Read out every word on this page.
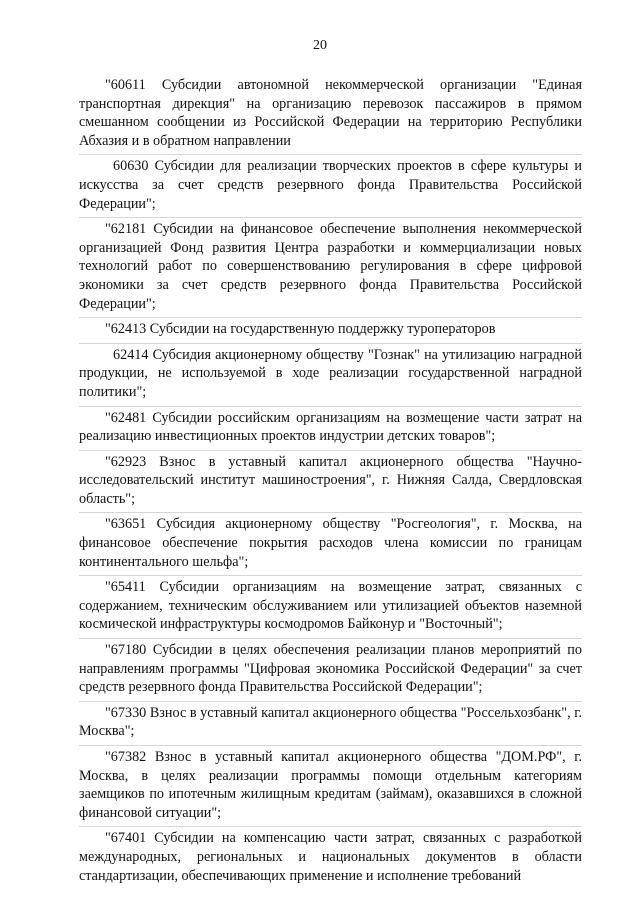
20

"60611 Субсидии автономной некоммерческой организации "Единая транспортная дирекция" на организацию перевозок пассажиров в прямом смешанном сообщении из Российской Федерации на территорию Республики Абхазия и в обратном направлении

60630 Субсидии для реализации творческих проектов в сфере культуры и искусства за счет средств резервного фонда Правительства Российской Федерации";

"62181 Субсидии на финансовое обеспечение выполнения некоммерческой организацией Фонд развития Центра разработки и коммерциализации новых технологий работ по совершенствованию регулирования в сфере цифровой экономики за счет средств резервного фонда Правительства Российской Федерации";

"62413 Субсидии на государственную поддержку туроператоров

62414 Субсидия акционерному обществу "Гознак" на утилизацию наградной продукции, не используемой в ходе реализации государственной наградной политики";

"62481 Субсидии российским организациям на возмещение части затрат на реализацию инвестиционных проектов индустрии детских товаров";

"62923 Взнос в уставный капитал акционерного общества "Научно-исследовательский институт машиностроения", г. Нижняя Салда, Свердловская область";

"63651 Субсидия акционерному обществу "Росгеология", г. Москва, на финансовое обеспечение покрытия расходов члена комиссии по границам континентального шельфа";

"65411 Субсидии организациям на возмещение затрат, связанных с содержанием, техническим обслуживанием или утилизацией объектов наземной космической инфраструктуры космодромов Байконур и "Восточный";

"67180 Субсидии в целях обеспечения реализации планов мероприятий по направлениям программы "Цифровая экономика Российской Федерации" за счет средств резервного фонда Правительства Российской Федерации";

"67330 Взнос в уставный капитал акционерного общества "Россельхозбанк", г. Москва";

"67382 Взнос в уставный капитал акционерного общества "ДОМ.РФ", г. Москва, в целях реализации программы помощи отдельным категориям заемщиков по ипотечным жилищным кредитам (займам), оказавшихся в сложной финансовой ситуации";

"67401 Субсидии на компенсацию части затрат, связанных с разработкой международных, региональных и национальных документов в области стандартизации, обеспечивающих применение и исполнение требований
